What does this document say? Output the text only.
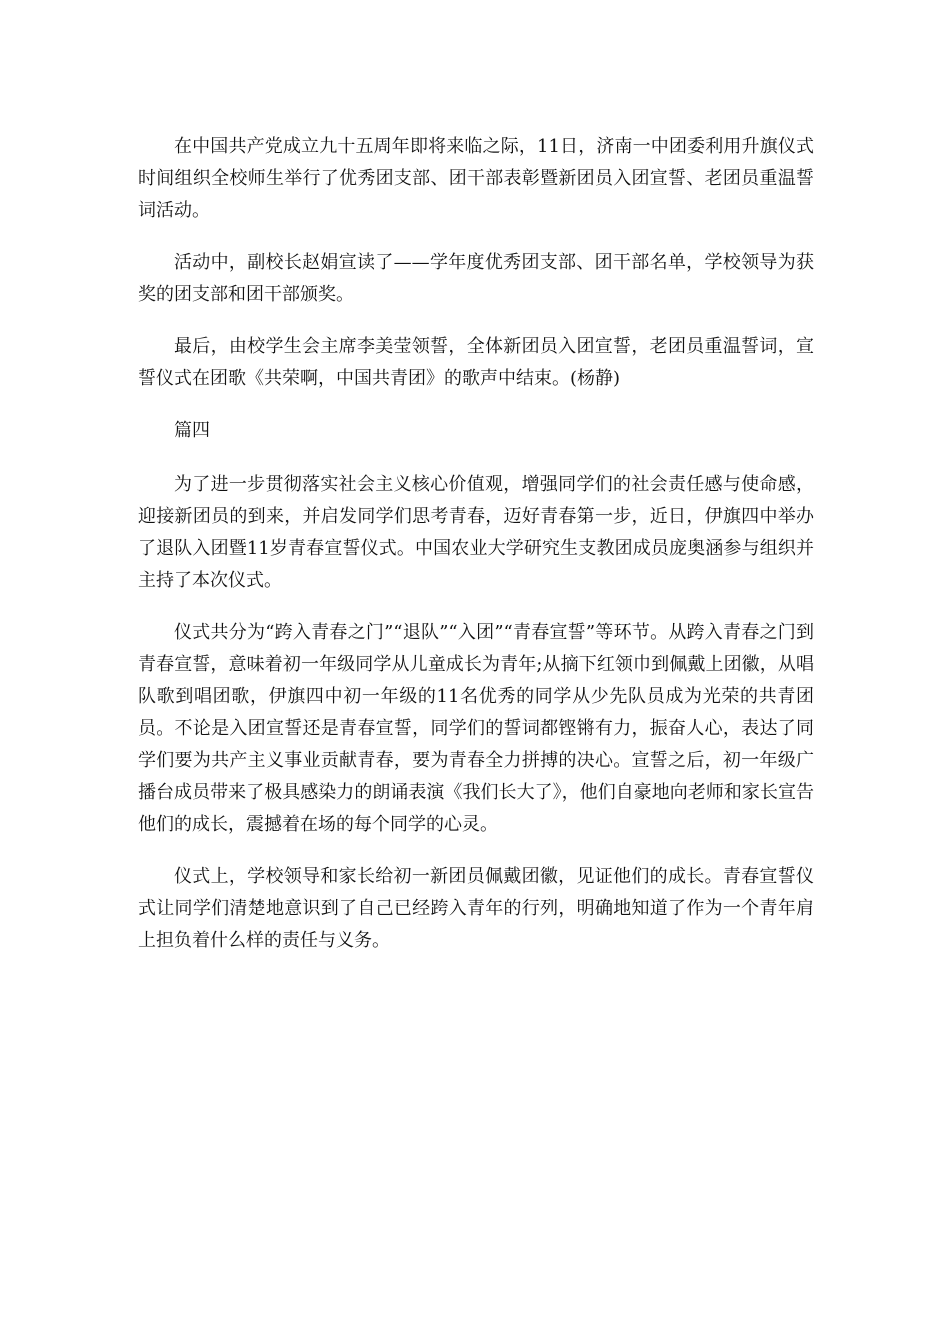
在中国共产党成立九十五周年即将来临之际，11日，济南一中团委利用升旗仪式时间组织全校师生举行了优秀团支部、团干部表彰暨新团员入团宣誓、老团员重温誓词活动。

活动中，副校长赵娟宣读了——学年度优秀团支部、团干部名单，学校领导为获奖的团支部和团干部颁奖。

最后，由校学生会主席李美莹领誓，全体新团员入团宣誓，老团员重温誓词，宣誓仪式在团歌《共荣啊，中国共青团》的歌声中结束。(杨静)

篇四

为了进一步贯彻落实社会主义核心价值观，增强同学们的社会责任感与使命感，迎接新团员的到来，并启发同学们思考青春，迈好青春第一步，近日，伊旗四中举办了退队入团暨11岁青春宣誓仪式。中国农业大学研究生支教团成员庞奥涵参与组织并主持了本次仪式。

仪式共分为“跨入青春之门”“退队”“入团”“青春宣誓”等环节。从跨入青春之门到青春宣誓，意味着初一年级同学从儿童成长为青年;从摘下红领巾到佩戴上团徽，从唱队歌到唱团歌，伊旗四中初一年级的11名优秀的同学从少先队员成为光荣的共青团员。不论是入团宣誓还是青春宣誓，同学们的誓词都铿锵有力，振奋人心，表达了同学们要为共产主义事业贡献青春，要为青春全力拼搏的决心。宣誓之后，初一年级广播台成员带来了极具感染力的朗诵表演《我们长大了》，他们自豪地向老师和家长宣告他们的成长，震撼着在场的每个同学的心灵。

仪式上，学校领导和家长给初一新团员佩戴团徽，见证他们的成长。青春宣誓仪式让同学们清楚地意识到了自己已经跨入青年的行列，明确地知道了作为一个青年肩上担负着什么样的责任与义务。
